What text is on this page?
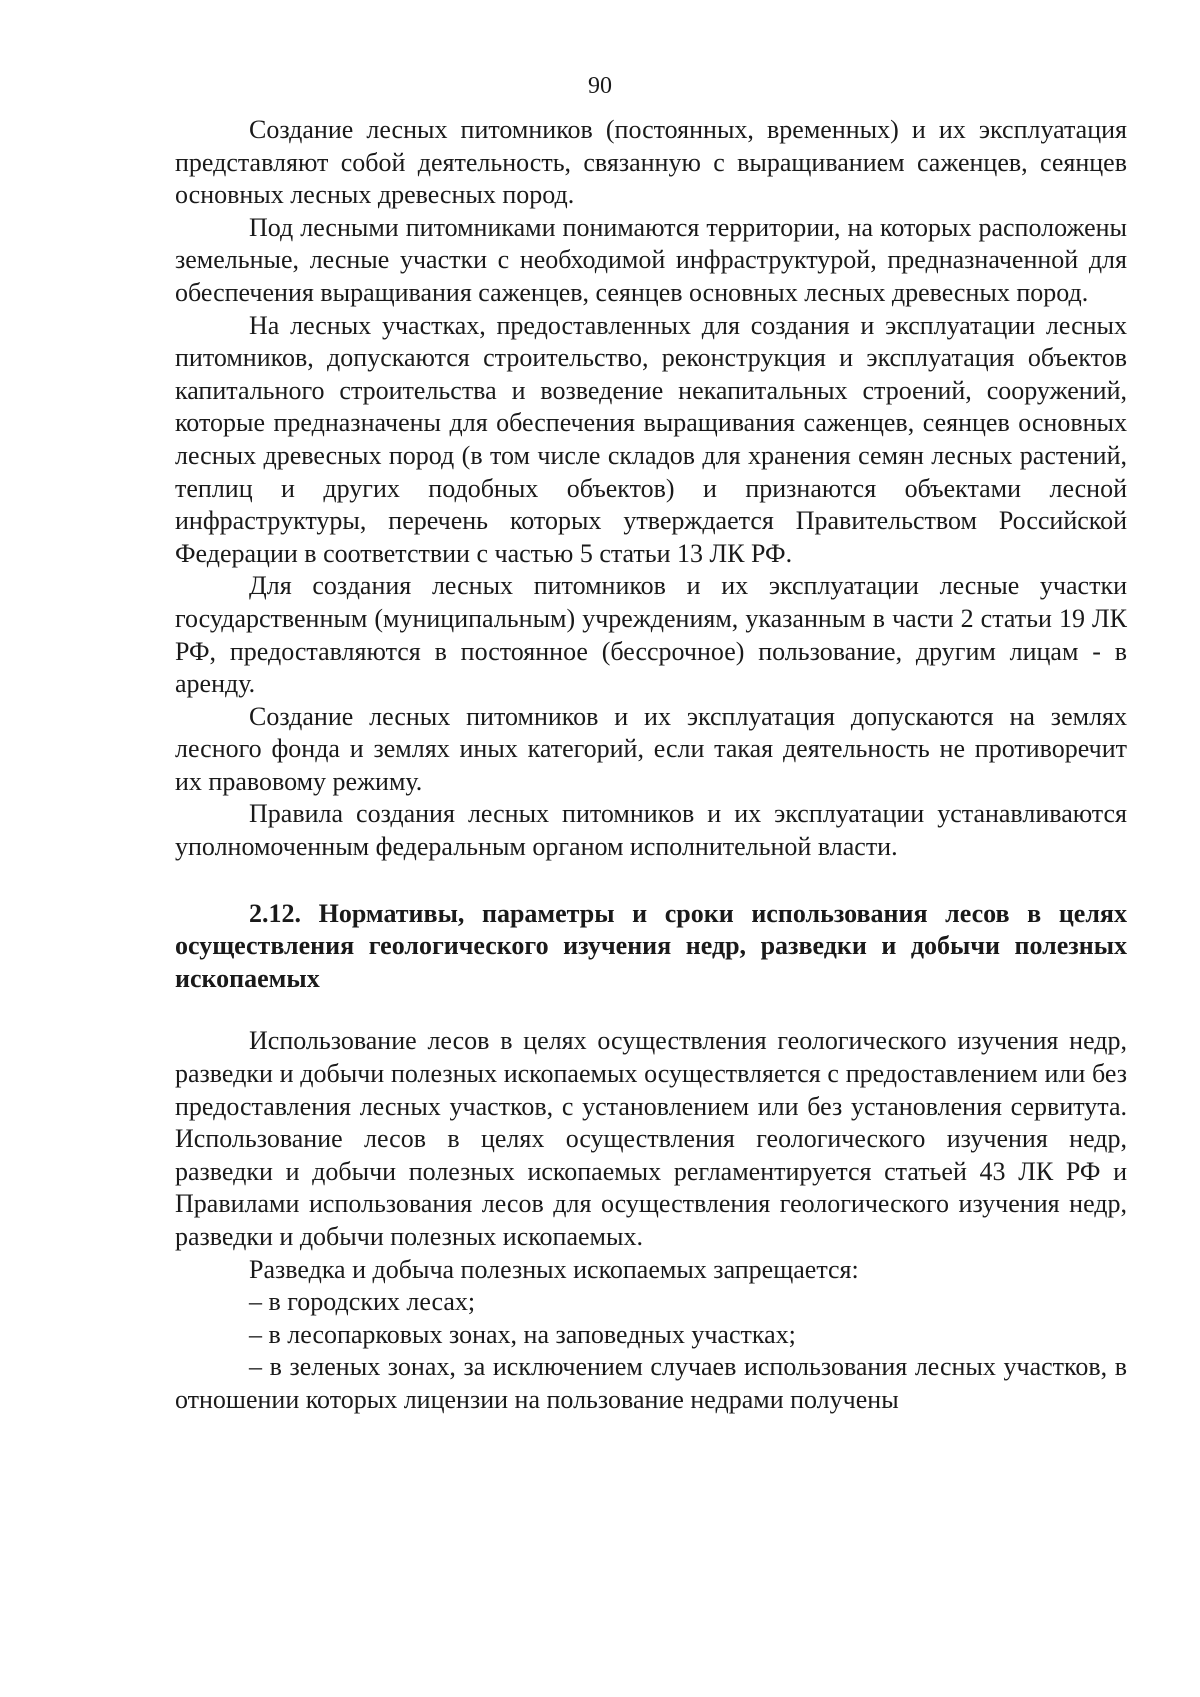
90

Создание лесных питомников (постоянных, временных) и их эксплуатация представляют собой деятельность, связанную с выращиванием саженцев, сеянцев основных лесных древесных пород.

Под лесными питомниками понимаются территории, на которых расположены земельные, лесные участки с необходимой инфраструктурой, предназначенной для обеспечения выращивания саженцев, сеянцев основных лесных древесных пород.

На лесных участках, предоставленных для создания и эксплуатации лесных питомников, допускаются строительство, реконструкция и эксплуатация объектов капитального строительства и возведение некапитальных строений, сооружений, которые предназначены для обеспечения выращивания саженцев, сеянцев основных лесных древесных пород (в том числе складов для хранения семян лесных растений, теплиц и других подобных объектов) и признаются объектами лесной инфраструктуры, перечень которых утверждается Правительством Российской Федерации в соответствии с частью 5 статьи 13 ЛК РФ.

Для создания лесных питомников и их эксплуатации лесные участки государственным (муниципальным) учреждениям, указанным в части 2 статьи 19 ЛК РФ, предоставляются в постоянное (бессрочное) пользование, другим лицам - в аренду.

Создание лесных питомников и их эксплуатация допускаются на землях лесного фонда и землях иных категорий, если такая деятельность не противоречит их правовому режиму.

Правила создания лесных питомников и их эксплуатации устанавливаются уполномоченным федеральным органом исполнительной власти.

2.12. Нормативы, параметры и сроки использования лесов в целях осуществления геологического изучения недр, разведки и добычи полезных ископаемых

Использование лесов в целях осуществления геологического изучения недр, разведки и добычи полезных ископаемых осуществляется с предоставлением или без предоставления лесных участков, с установлением или без установления сервитута. Использование лесов в целях осуществления геологического изучения недр, разведки и добычи полезных ископаемых регламентируется статьей 43 ЛК РФ и Правилами использования лесов для осуществления геологического изучения недр, разведки и добычи полезных ископаемых.

Разведка и добыча полезных ископаемых запрещается:

– в городских лесах;

– в лесопарковых зонах, на заповедных участках;

– в зеленых зонах, за исключением случаев использования лесных участков, в отношении которых лицензии на пользование недрами получены
